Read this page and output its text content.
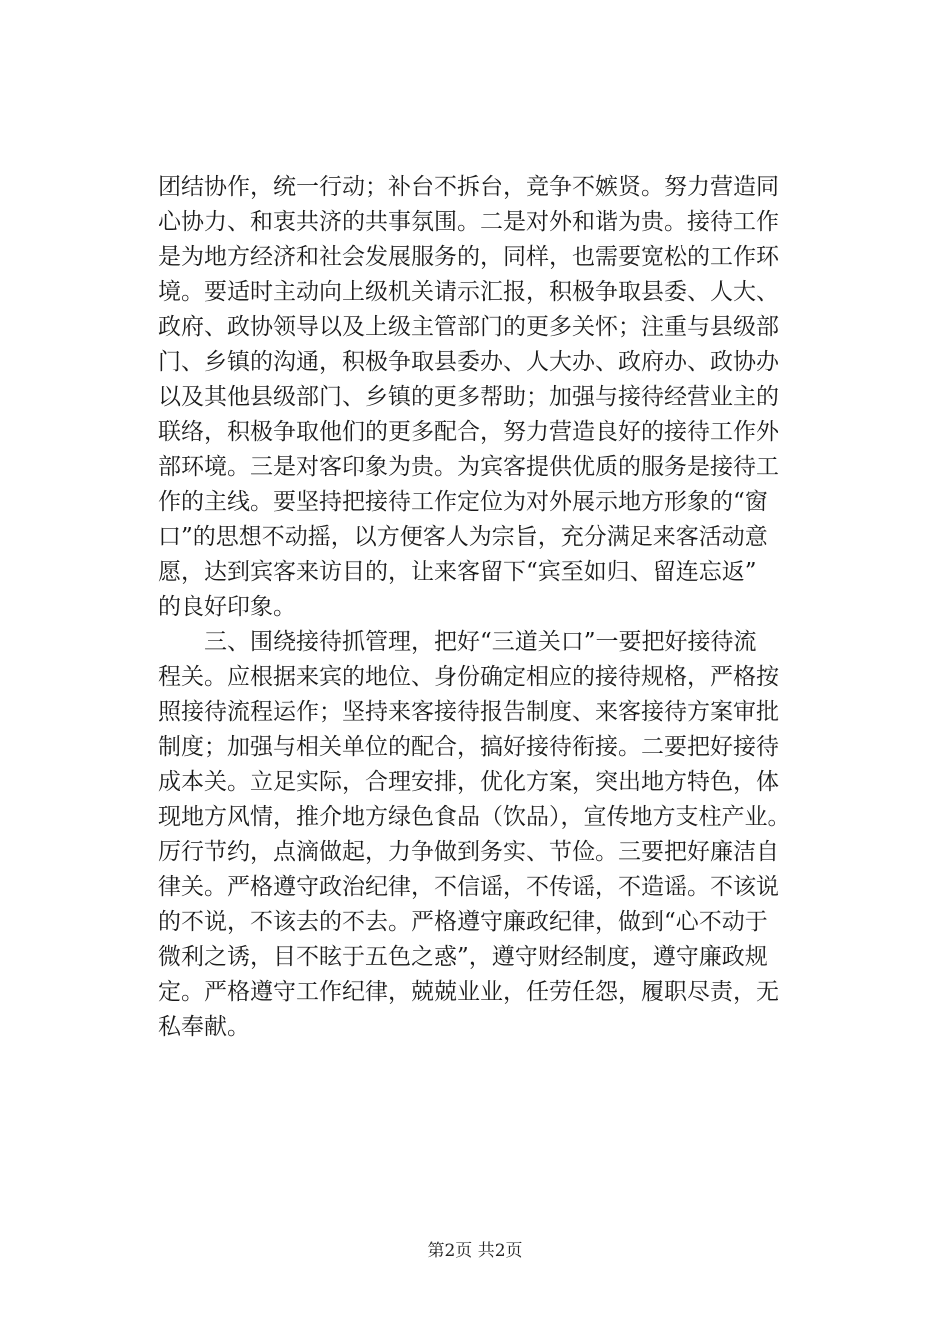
团结协作，统一行动；补台不拆台，竞争不嫉贤。努力营造同
心协力、和衷共济的共事氛围。二是对外和谐为贵。接待工作
是为地方经济和社会发展服务的，同样，也需要宽松的工作环
境。要适时主动向上级机关请示汇报，积极争取县委、人大、
政府、政协领导以及上级主管部门的更多关怀；注重与县级部
门、乡镇的沟通，积极争取县委办、人大办、政府办、政协办
以及其他县级部门、乡镇的更多帮助；加强与接待经营业主的
联络，积极争取他们的更多配合，努力营造良好的接待工作外
部环境。三是对客印象为贵。为宾客提供优质的服务是接待工
作的主线。要坚持把接待工作定位为对外展示地方形象的“窗
口”的思想不动摇，以方便客人为宗旨，充分满足来客活动意
愿，达到宾客来访目的，让来客留下“宾至如归、留连忘返”
的良好印象。
　　三、围绕接待抓管理，把好“三道关口”一要把好接待流
程关。应根据来宾的地位、身份确定相应的接待规格，严格按
照接待流程运作；坚持来客接待报告制度、来客接待方案审批
制度；加强与相关单位的配合，搞好接待衔接。二要把好接待
成本关。立足实际，合理安排，优化方案，突出地方特色，体
现地方风情，推介地方绿色食品（饮品），宣传地方支柱产业。
厉行节约，点滴做起，力争做到务实、节俭。三要把好廉洁自
律关。严格遵守政治纪律，不信谣，不传谣，不造谣。不该说
的不说，不该去的不去。严格遵守廉政纪律，做到“心不动于
微利之诱，目不眩于五色之惑”，遵守财经制度，遵守廉政规
定。严格遵守工作纪律，兢兢业业，任劳任怨，履职尽责，无
私奉献。
第2页 共2页
